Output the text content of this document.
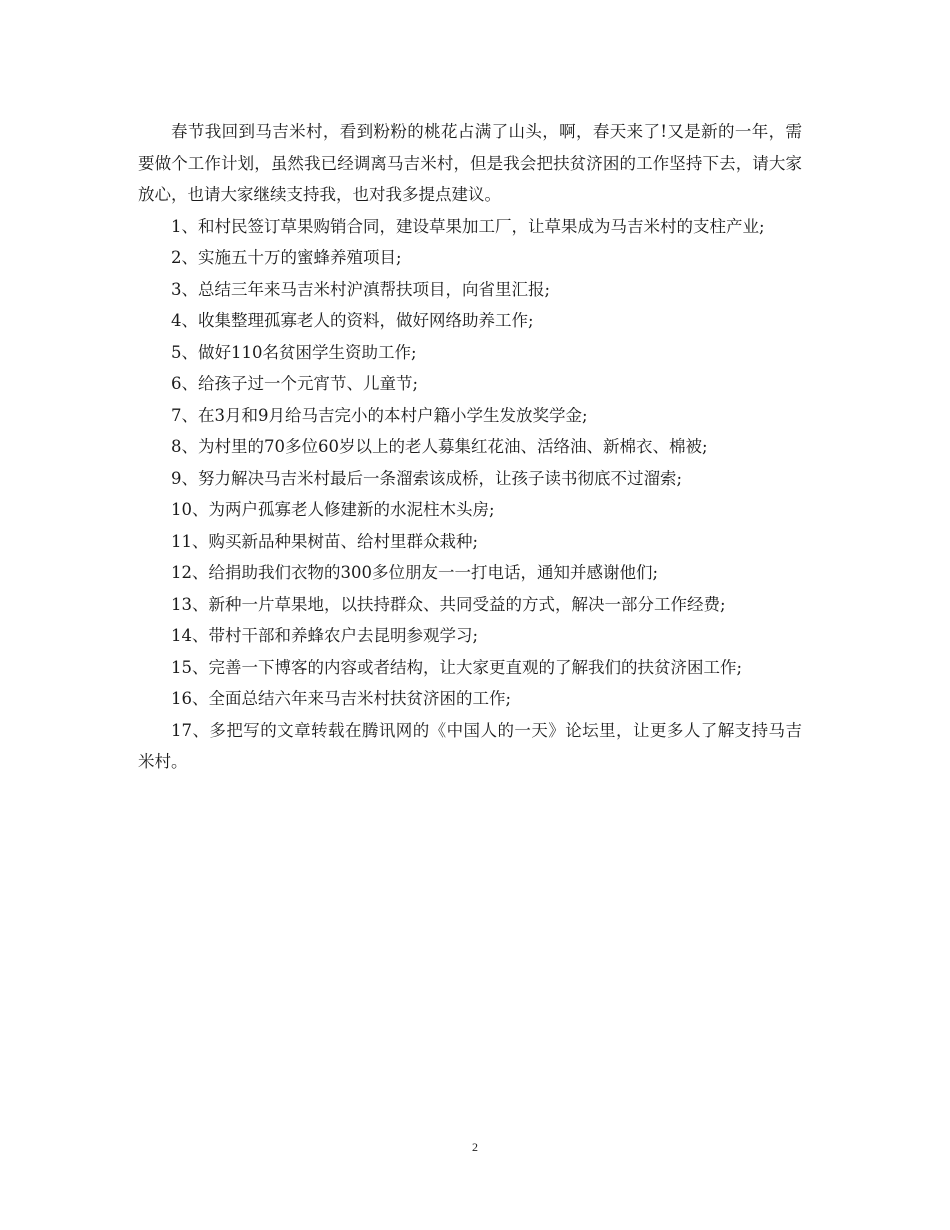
春节我回到马吉米村，看到粉粉的桃花占满了山头，啊，春天来了!又是新的一年，需要做个工作计划，虽然我已经调离马吉米村，但是我会把扶贫济困的工作坚持下去，请大家放心，也请大家继续支持我，也对我多提点建议。

1、和村民签订草果购销合同，建设草果加工厂，让草果成为马吉米村的支柱产业;

2、实施五十万的蜜蜂养殖项目;

3、总结三年来马吉米村沪滇帮扶项目，向省里汇报;

4、收集整理孤寡老人的资料，做好网络助养工作;

5、做好110名贫困学生资助工作;

6、给孩子过一个元宵节、儿童节;

7、在3月和9月给马吉完小的本村户籍小学生发放奖学金;

8、为村里的70多位60岁以上的老人募集红花油、活络油、新棉衣、棉被;

9、努力解决马吉米村最后一条溜索该成桥，让孩子读书彻底不过溜索;

10、为两户孤寡老人修建新的水泥柱木头房;

11、购买新品种果树苗、给村里群众栽种;

12、给捐助我们衣物的300多位朋友一一打电话，通知并感谢他们;

13、新种一片草果地，以扶持群众、共同受益的方式，解决一部分工作经费;

14、带村干部和养蜂农户去昆明参观学习;

15、完善一下博客的内容或者结构，让大家更直观的了解我们的扶贫济困工作;

16、全面总结六年来马吉米村扶贫济困的工作;

17、多把写的文章转载在腾讯网的《中国人的一天》论坛里，让更多人了解支持马吉米村。

2
